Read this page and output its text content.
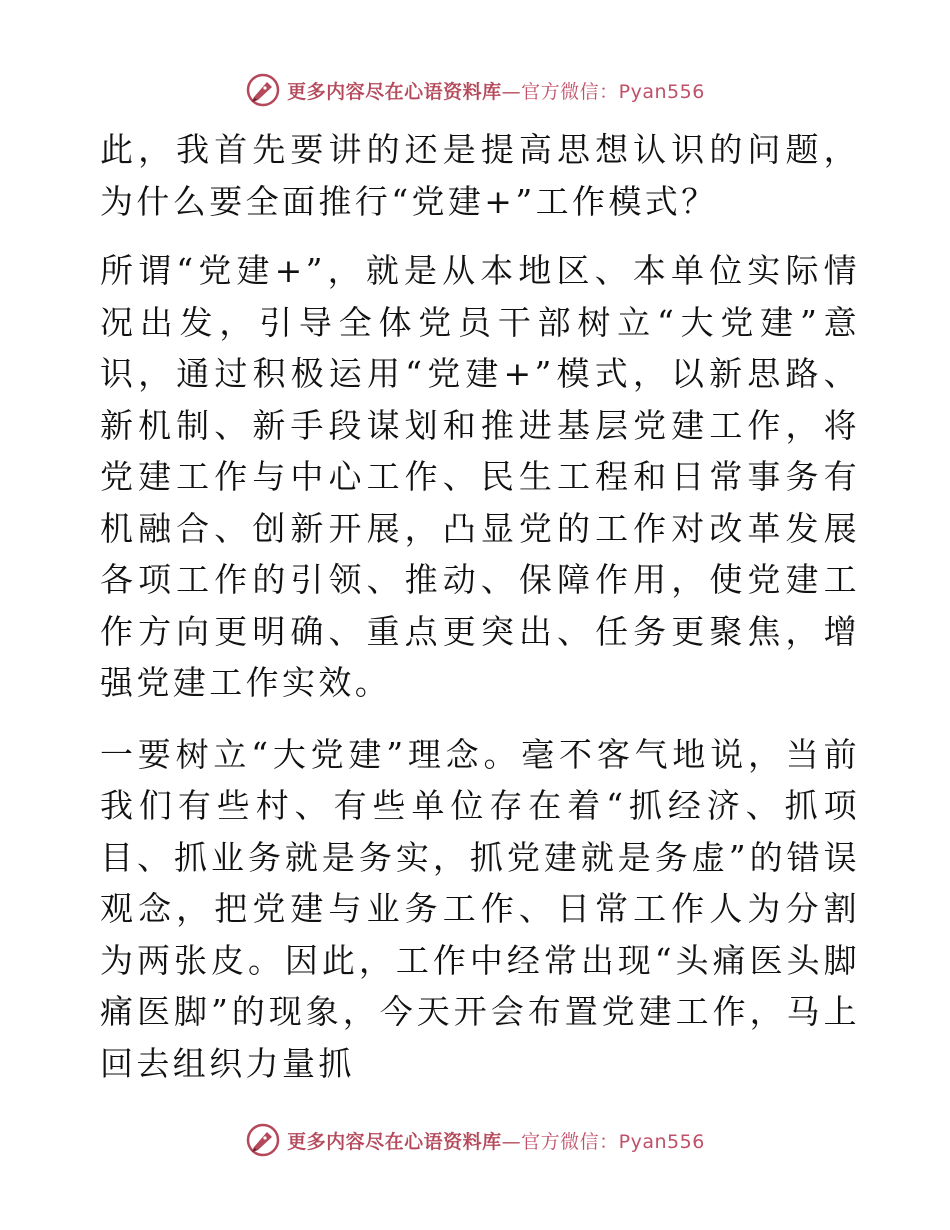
更多内容尽在心语资料库—官方微信：Pyan556

此，我首先要讲的还是提高思想认识的问题，为什么要全面推行“党建+”工作模式？

所谓“党建+”，就是从本地区、本单位实际情况出发，引导全体党员干部树立“大党建”意识，通过积极运用“党建+”模式，以新思路、新机制、新手段谋划和推进基层党建工作，将党建工作与中心工作、民生工程和日常事务有机融合、创新开展，凸显党的工作对改革发展各项工作的引领、推动、保障作用，使党建工作方向更明确、重点更突出、任务更聚焦，增强党建工作实效。

一要树立“大党建”理念。毫不客气地说，当前我们有些村、有些单位存在着“抓经济、抓项目、抓业务就是务实，抓党建就是务虚”的错误观念，把党建与业务工作、日常工作人为分割为两张皮。因此，工作中经常出现“头痛医头脚痛医脚”的现象，今天开会布置党建工作，马上回去组织力量抓

更多内容尽在心语资料库—官方微信：Pyan556
